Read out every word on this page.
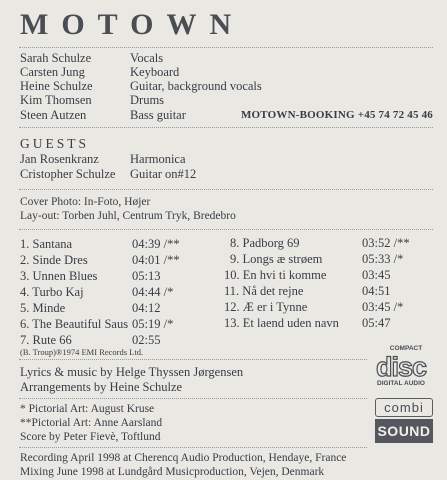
MOTOWN
Sarah Schulze	Vocals
Carsten Jung	Keyboard
Heine Schulze	Guitar, background vocals
Kim Thomsen	Drums
Steen Autzen	Bass guitar	MOTOWN-BOOKING +45 74 72 45 46
GUESTS
Jan Rosenkranz Harmonica
Cristopher Schulze Guitar on#12
Cover Photo: In-Foto, Højer
Lay-out: Torben Juhl, Centrum Tryk, Bredebro
1. Santana	04:39 /**
2. Sinde Dres	04:01 /**
3. Unnen Blues	05:13
4. Turbo Kaj	04:44 /*
5. Minde	04:12
6. The Beautiful Saus 05:19 /*
7. Rute 66	02:55
(B. Troup)®1974 EMI Records Ltd.
8. Padborg 69	03:52 /**
9. Longs æ strøem	05:33 /*
10. En hvi ti komme	03:45
11. Nå det rejne	04:51
12. Æ er i Tynne	03:45 /*
13. Et laend uden navn 05:47
Lyrics & music by Helge Thyssen Jørgensen
Arrangements by Heine Schulze
* Pictorial Art: August Kruse
**Pictorial Art: Anne Aarsland
Score by Peter Fievè, Toftlund
Recording April 1998 at Cherencq Audio Production, Hendaye, France
Mixing June 1998 at Lundgård Musicproduction, Vejen, Denmark
COMPACT
disc
DIGITAL AUDIO
combi
SOUND
